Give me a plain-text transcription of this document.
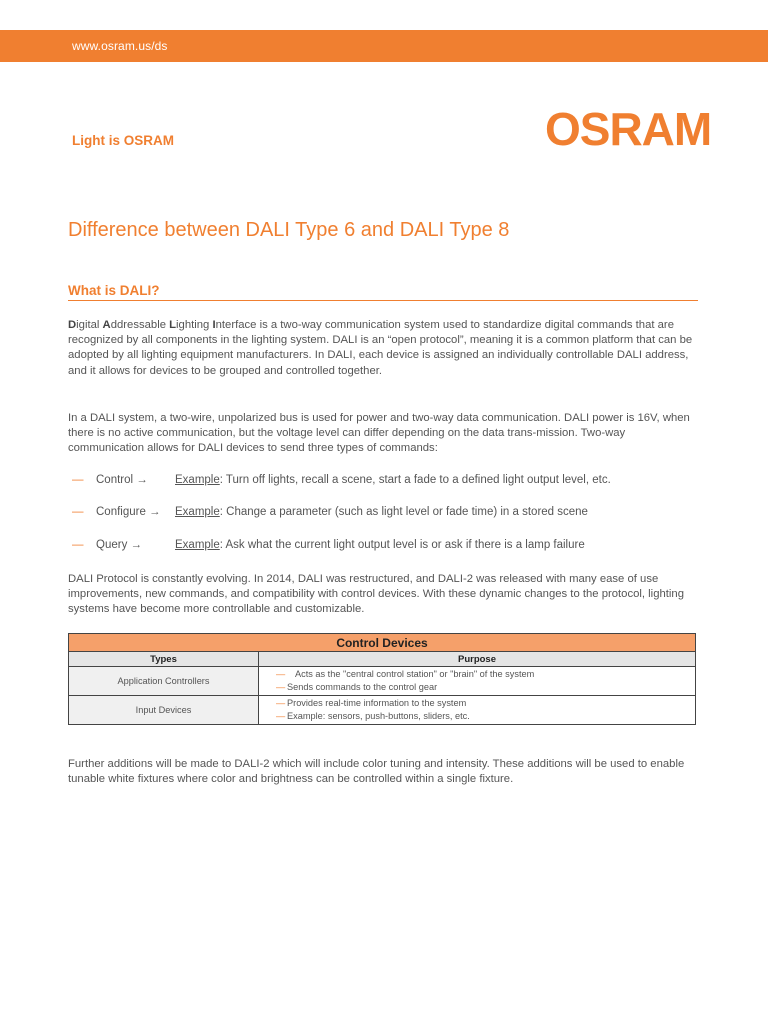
www.osram.us/ds
Light is OSRAM	OSRAM
Difference between DALI Type 6 and DALI Type 8
What is DALI?

Digital Addressable Lighting Interface is a two-way communication system used to standardize digital commands that are recognized by all components in the lighting system. DALI is an “open protocol”, meaning it is a common platform that can be adopted by all lighting equipment manufacturers. In DALI, each device is assigned an individually controllable DALI address, and it allows for devices to be grouped and controlled together.

In a DALI system, a two-wire, unpolarized bus is used for power and two-way data communication. DALI power is 16V, when there is no active communication, but the voltage level can differ depending on the data trans-mission. Two-way communication allows for DALI devices to send three types of commands:

— Control → Example: Turn off lights, recall a scene, start a fade to a defined light output level, etc.
— Configure → Example: Change a parameter (such as light level or fade time) in a stored scene
— Query →	Example: Ask what the current light output level is or ask if there is a lamp failure

DALI Protocol is constantly evolving. In 2014, DALI was restructured, and DALI-2 was released with many ease of use improvements, new commands, and compatibility with control devices. With these dynamic changes to the protocol, lighting systems have become more controllable and customizable.

Control Devices	
Types	Purpose
Application Controllers	— Acts as the "central control station" or "brain" of the system
— Sends commands to the control gear

Input Devices	— Provides real-time information to the system
— Example: sensors, push-buttons, sliders, etc.

Further additions will be made to DALI-2 which will include color tuning and intensity. These additions will be used to enable tunable white fixtures where color and brightness can be controlled within a single fixture.
